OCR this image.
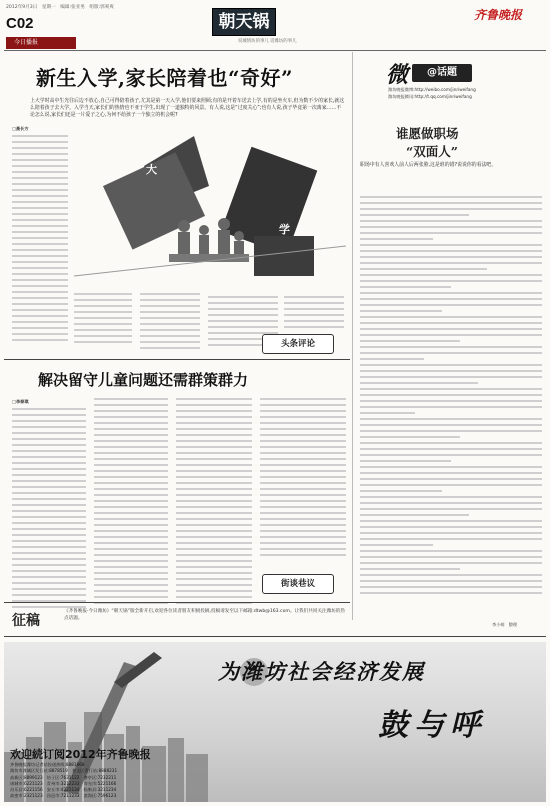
2012年9月3日　星期一　编辑:张亚男　组版:郭爽爽
C02
今日播报
朝天锅
说城情坊的事儿 话潍坊的事儿
齐鲁晚报
新生入学,家长陪着也“奇好”
上大学时高中生光往后边不放心,自己可得陪着孩子,尤其是第一天入学,他们要来照顾;有的是开着车送去上学,有的是坐火车,但为数不少的家长,就这么陪着孩子去大学。入学当天,家长们的热情也不亚于学生,出现了一道独特的风景。有人说,这是“过度关心”;也有人说,孩子毕竟第一次离家……不论怎么说,家长们还是一片爱子之心,为何不给孩子一个独立的机会呢?
□高长方
大
学
头条评论
微	@话题
潍坊晚报微博:http://weibo.com/jinriweifang
潍坊晚报腾讯:http://t.qq.com/jinriweifang
谁愿做职场
“双面人”
职场中有人喜欢人前人后两张脸,这是谁的错?说说你的看法吧。
李小萌　整理
解决留守儿童问题还需群策群力
□李泰琪
街谈巷议
征稿
《齐鲁晚报·今日潍坊》“朝天锅”版全新开启,欢迎各位读者朋友积极投稿,投稿请发至以下邮箱:dtwb@163.com。让我们共同关注潍坊的热点话题。
为潍坊社会经济发展
鼓与呼
欢迎続订阅2012年齐鲁晚报
齐鲁晚报潍坊记者站投递热线:8881868
潍坊市潍城区发行站:8878519　奎文区发行站:8888231
高新区:8899123　坊子区:7631122　寒亭区:7232211
诸城市:6221123　青州市:3212233　寿光市:5221166
昌乐县:6221156　安丘市:4221134　临朐县:3211234
高密市:2321123　昌邑市:7211233　滨海区:7596123
